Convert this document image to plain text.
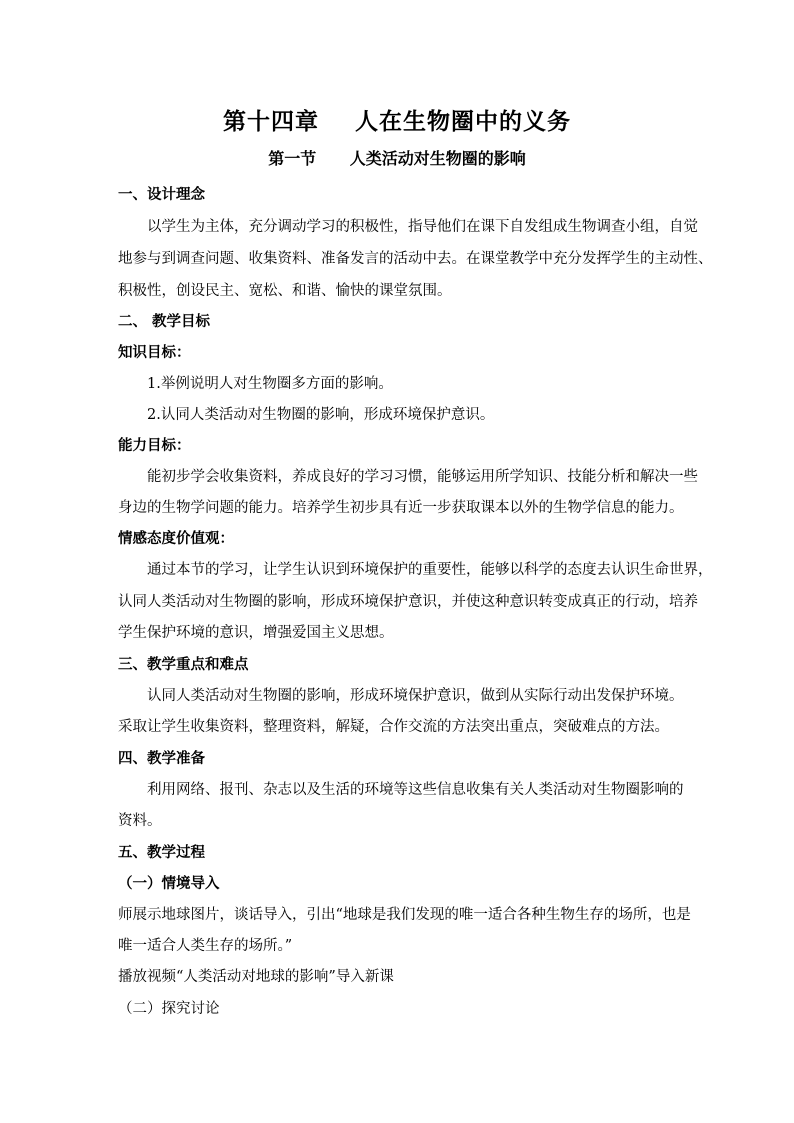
第十四章    人在生物圈中的义务
第一节      人类活动对生物圈的影响
一、设计理念
以学生为主体，充分调动学习的积极性，指导他们在课下自发组成生物调查小组，自觉
地参与到调查问题、收集资料、准备发言的活动中去。在课堂教学中充分发挥学生的主动性、
积极性，创设民主、宽松、和谐、愉快的课堂氛围。
二、 教学目标
知识目标：
1.举例说明人对生物圈多方面的影响。
2.认同人类活动对生物圈的影响，形成环境保护意识。
能力目标：
能初步学会收集资料，养成良好的学习习惯，能够运用所学知识、技能分析和解决一些
身边的生物学问题的能力。培养学生初步具有近一步获取课本以外的生物学信息的能力。
情感态度价值观：
通过本节的学习，让学生认识到环境保护的重要性，能够以科学的态度去认识生命世界，
认同人类活动对生物圈的影响，形成环境保护意识，并使这种意识转变成真正的行动，培养
学生保护环境的意识，增强爱国主义思想。
三、教学重点和难点
认同人类活动对生物圈的影响，形成环境保护意识，做到从实际行动出发保护环境。
采取让学生收集资料，整理资料，解疑，合作交流的方法突出重点，突破难点的方法。
四、教学准备
利用网络、报刊、杂志以及生活的环境等这些信息收集有关人类活动对生物圈影响的
资料。
五、教学过程
（一）情境导入
师展示地球图片，谈话导入，引出“地球是我们发现的唯一适合各种生物生存的场所，也是
唯一适合人类生存的场所。”
播放视频“人类活动对地球的影响”导入新课
（二）探究讨论
